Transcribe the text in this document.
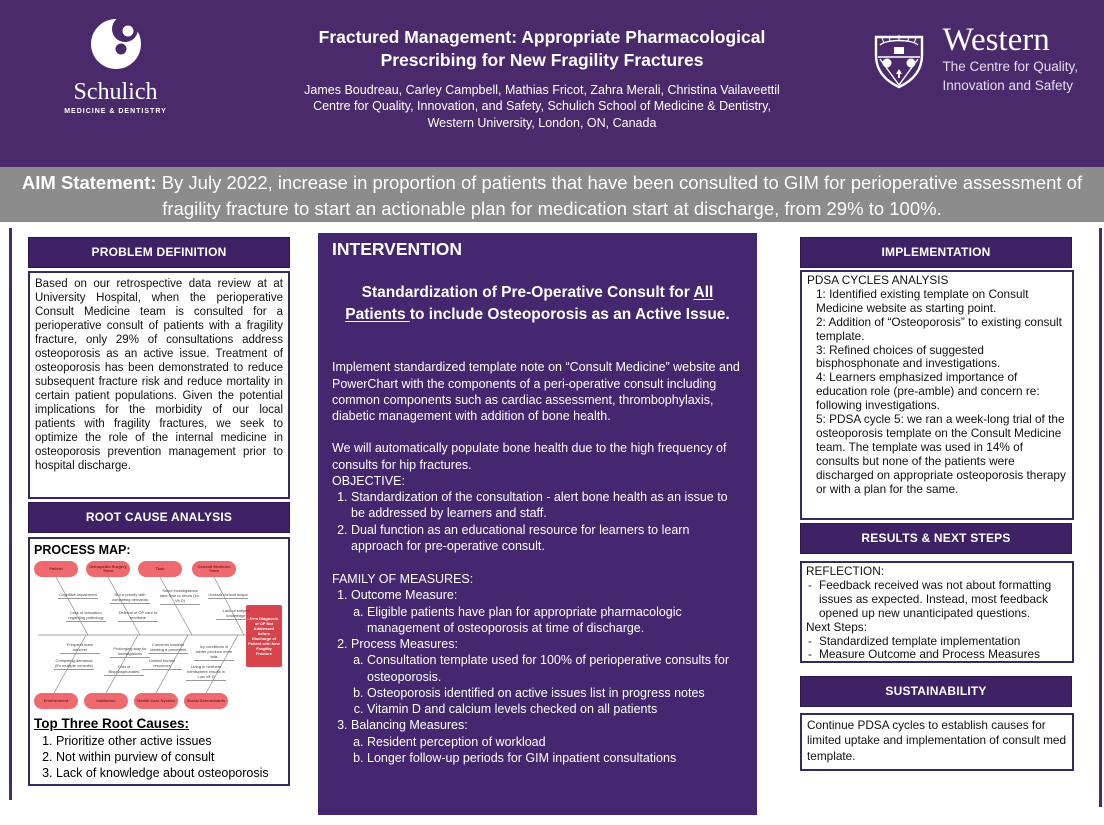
Schulich
MEDICINE & DENTISTRY
Fractured Management: Appropriate Pharmacological
Prescribing for New Fragility Fractures

James Boudreau, Carley Campbell, Mathias Fricot, Zahra Merali, Christina Vailaveettil

Centre for Quality, Innovation, and Safety, Schulich School of Medicine & Dentistry,

Western University, London, ON, Canada

Western
The Centre for Quality,
Innovation and Safety
AIM Statement: By July 2022, increase in proportion of patients that have been consulted to GIM for perioperative assessment of fragility fracture to start an actionable plan for medication start at discharge, from 29% to 100%.
PROBLEM DEFINITION
Based on our retrospective data review at at University Hospital, when the perioperative Consult Medicine team is consulted for a perioperative consult of patients with a fragility fracture, only 29% of consultations address osteoporosis as an active issue. Treatment of osteoporosis has been demonstrated to reduce subsequent fracture risk and reduce mortality in certain patient populations. Given the potential implications for the morbidity of our local patients with fragility fractures, we seek to optimize the role of the internal medicine in osteoporosis prevention management prior to hospital discharge.
ROOT CAUSE ANALYSIS
PROCESS MAP:
New Diagnosis of OP Not Addressed before Discharge of Patient with New Fragility Fracture
Patient	Orthopedic Surgery Team	Task	Consult Medicine Team
Environment	Institution	Health Care System	Social Determinants
Cognitive impairment
Lack of education regarding pathology
Not a priority with competing demands
Deferral of OP care to medicine
Some investigations take time to return (ex. Vit D)
Unclear consult scope
Lack of subject knowledge
Frequent team turnover
Competing demands (Ex multiple consults)
Prolonging stay for investigations
Cost of Bisphosphonates
Concerns towards creating a precedent
Limited human resources
Icy conditions in winter produce more falls
Living in northern hemisphere results in Low Vit D
Top Three Root Causes:
1. Prioritize other active issues
2. Not within purview of consult
3. Lack of knowledge about osteoporosis
INTERVENTION
Standardization of Pre-Operative Consult for All Patients to include Osteoporosis as an Active Issue.

Implement standardized template note on “Consult Medicine” website and PowerChart with the components of a peri-operative consult including common components such as cardiac assessment, thrombophylaxis, diabetic management with addition of bone health.

We will automatically populate bone health due to the high frequency of consults for hip fractures.

OBJECTIVE:
1. Standardization of the consultation - alert bone health as an issue to be addressed by learners and staff.
2. Dual function as an educational resource for learners to learn approach for pre-operative consult.
FAMILY OF MEASURES:
1. Outcome Measure:
a. Eligible patients have plan for appropriate pharmacologic management of osteoporosis at time of discharge.
2. Process Measures:
a. Consultation template used for 100% of perioperative consults for osteoporosis.
b. Osteoporosis identified on active issues list in progress notes
c. Vitamin D and calcium levels checked on all patients
3. Balancing Measures:
a. Resident perception of workload
b. Longer follow-up periods for GIM inpatient consultations
IMPLEMENTATION
PDSA CYCLES ANALYSIS
1: Identified existing template on Consult Medicine website as starting point.
2: Addition of “Osteoporosis” to existing consult template.
3: Refined choices of suggested bisphosphonate and investigations.
4: Learners emphasized importance of education role (pre-amble) and concern re: following investigations.
5: PDSA cycle 5: we ran a week-long trial of the osteoporosis template on the Consult Medicine team. The template was used in 14% of consults but none of the patients were discharged on appropriate osteoporosis therapy or with a plan for the same.
RESULTS & NEXT STEPS
REFLECTION:
- Feedback received was not about formatting issues as expected. Instead, most feedback opened up new unanticipated questions.
Next Steps:
- Standardized template implementation
- Measure Outcome and Process Measures
SUSTAINABILITY
Continue PDSA cycles to establish causes for limited uptake and implementation of consult med template.
